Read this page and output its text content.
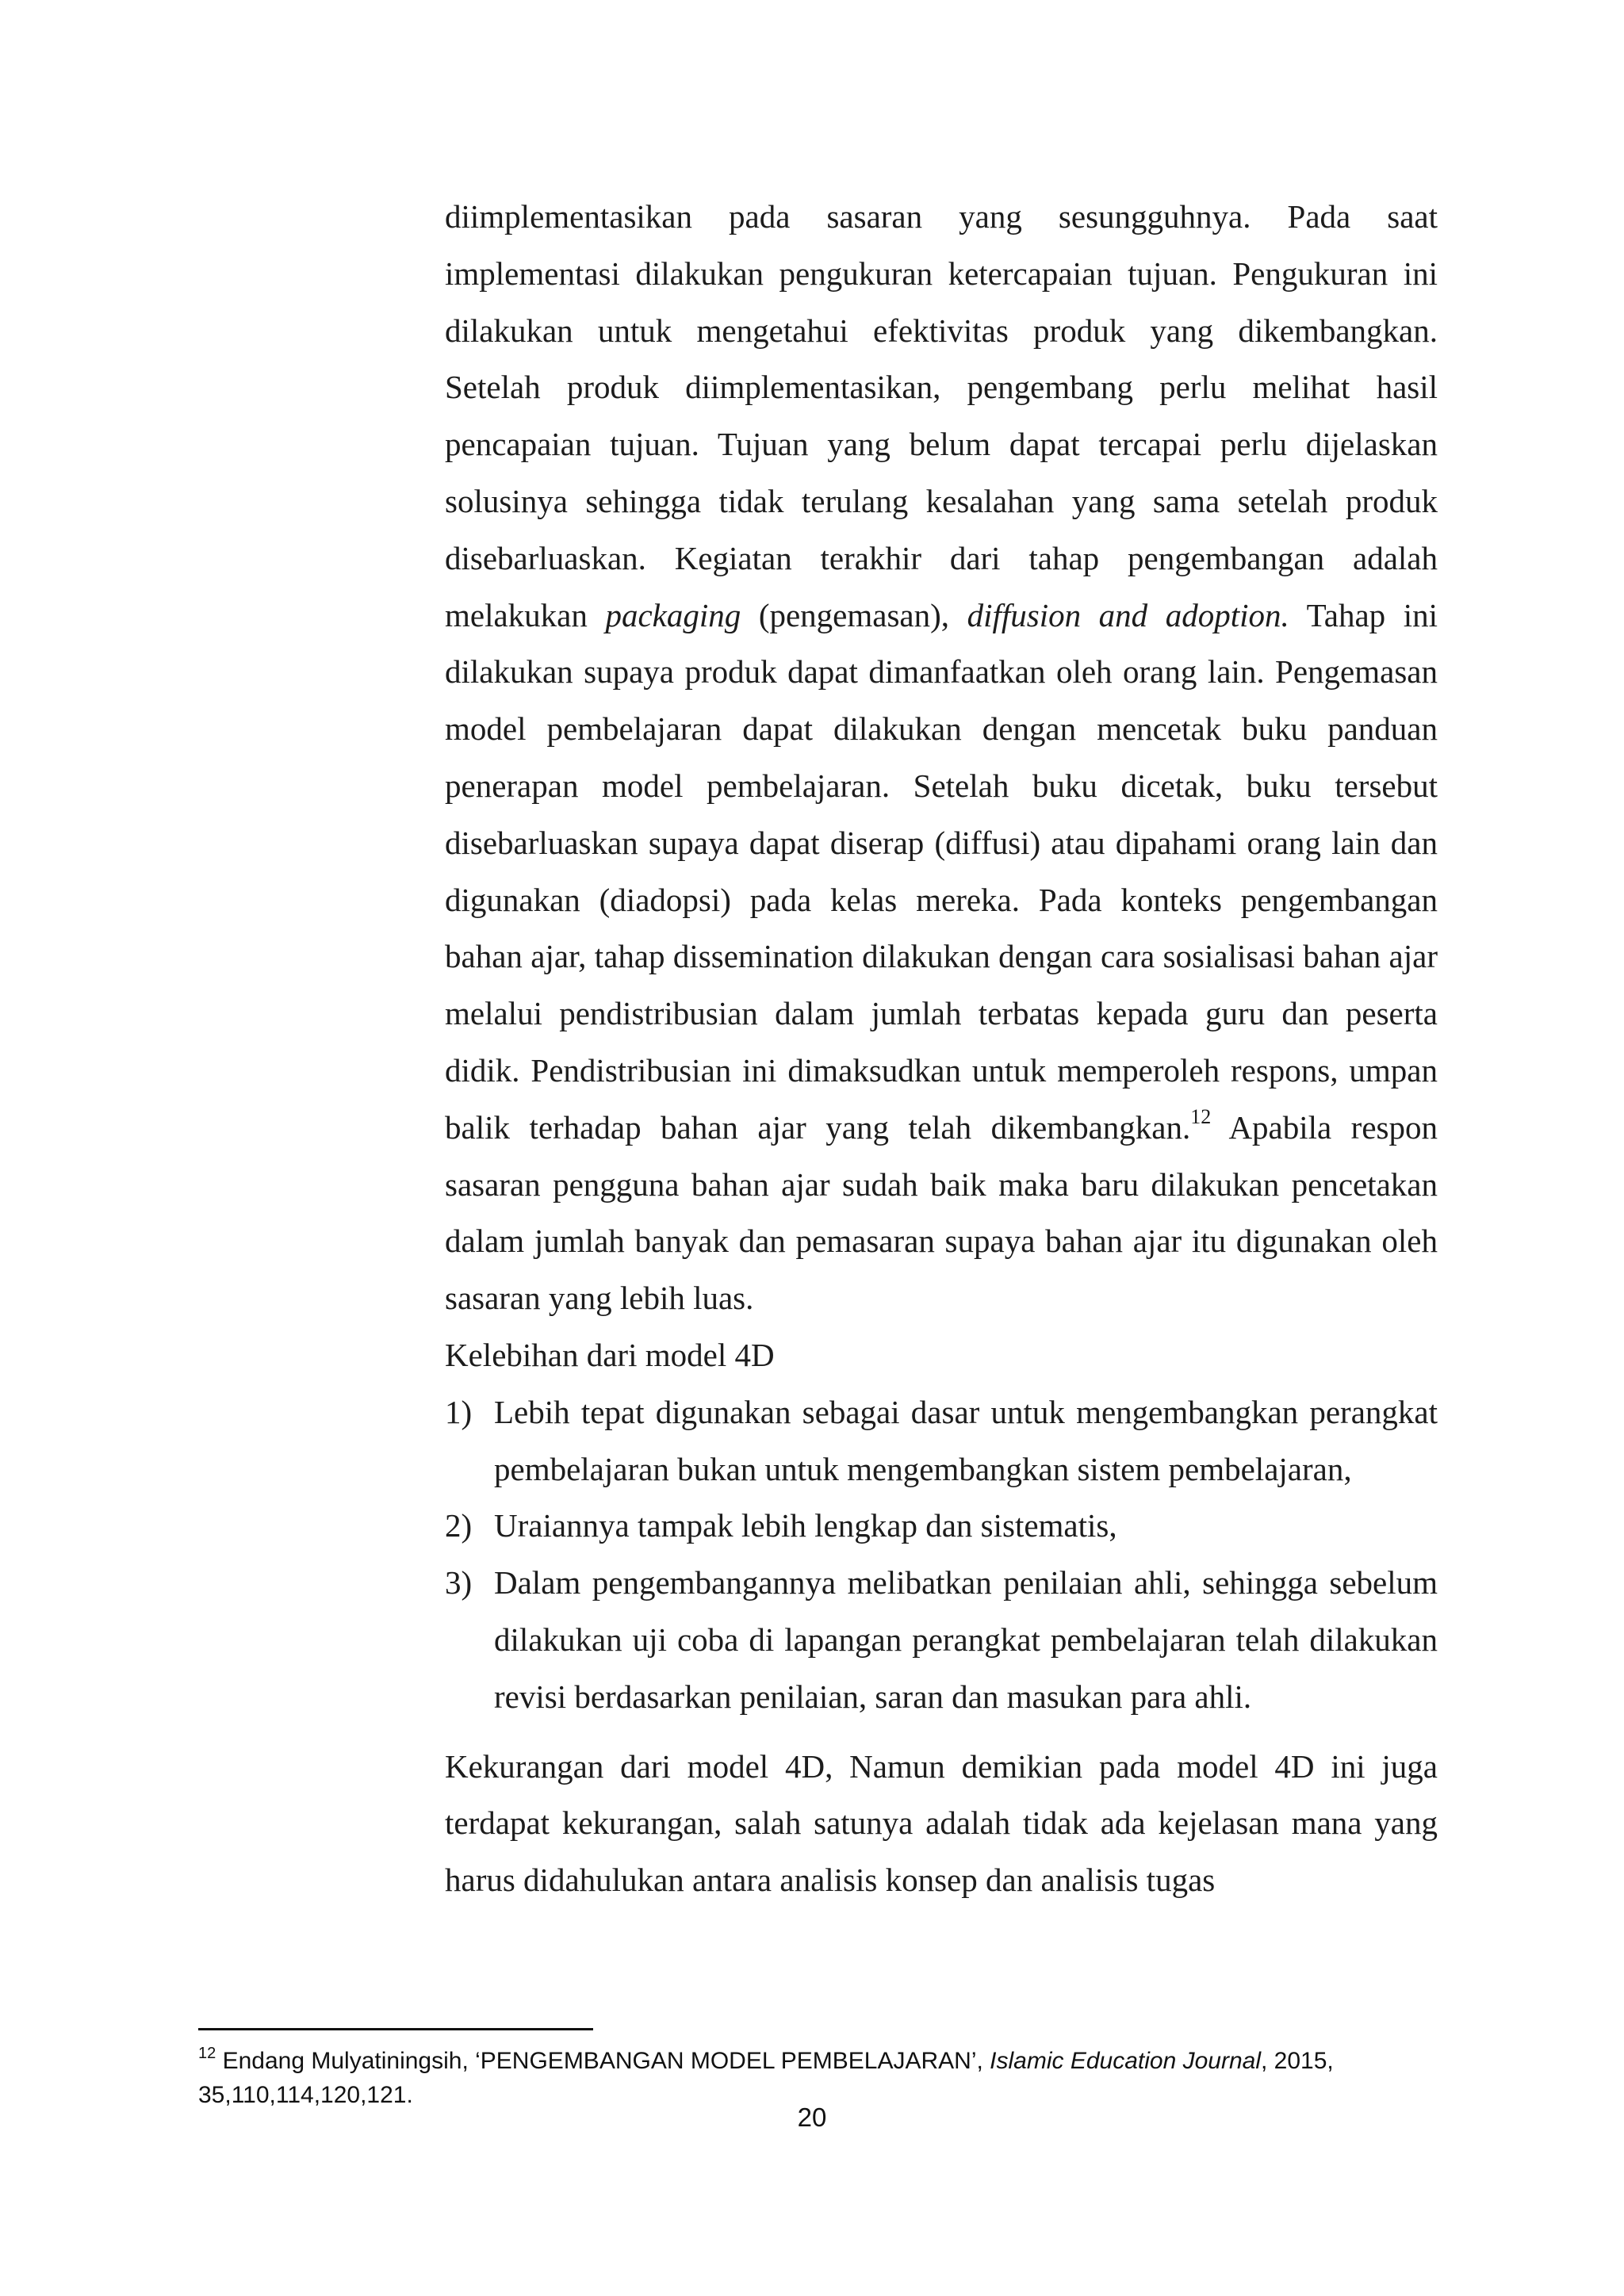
diimplementasikan pada sasaran yang sesungguhnya. Pada saat implementasi dilakukan pengukuran ketercapaian tujuan. Pengukuran ini dilakukan untuk mengetahui efektivitas produk yang dikembangkan. Setelah produk diimplementasikan, pengembang perlu melihat hasil pencapaian tujuan. Tujuan yang belum dapat tercapai perlu dijelaskan solusinya sehingga tidak terulang kesalahan yang sama setelah produk disebarluaskan. Kegiatan terakhir dari tahap pengembangan adalah melakukan packaging (pengemasan), diffusion and adoption. Tahap ini dilakukan supaya produk dapat dimanfaatkan oleh orang lain. Pengemasan model pembelajaran dapat dilakukan dengan mencetak buku panduan penerapan model pembelajaran. Setelah buku dicetak, buku tersebut disebarluaskan supaya dapat diserap (diffusi) atau dipahami orang lain dan digunakan (diadopsi) pada kelas mereka. Pada konteks pengembangan bahan ajar, tahap dissemination dilakukan dengan cara sosialisasi bahan ajar melalui pendistribusian dalam jumlah terbatas kepada guru dan peserta didik. Pendistribusian ini dimaksudkan untuk memperoleh respons, umpan balik terhadap bahan ajar yang telah dikembangkan.$^{12}$ Apabila respon sasaran pengguna bahan ajar sudah baik maka baru dilakukan pencetakan dalam jumlah banyak dan pemasaran supaya bahan ajar itu digunakan oleh sasaran yang lebih luas.

Kelebihan dari model 4D

1) Lebih tepat digunakan sebagai dasar untuk mengembangkan perangkat pembelajaran bukan untuk mengembangkan sistem pembelajaran,
2) Uraiannya tampak lebih lengkap dan sistematis,
3) Dalam pengembangannya melibatkan penilaian ahli, sehingga sebelum dilakukan uji coba di lapangan perangkat pembelajaran telah dilakukan revisi berdasarkan penilaian, saran dan masukan para ahli.

Kekurangan dari model 4D, Namun demikian pada model 4D ini juga terdapat kekurangan, salah satunya adalah tidak ada kejelasan mana yang harus didahulukan antara analisis konsep dan analisis tugas

$^{12}$ Endang Mulyatiningsih, ‘PENGEMBANGAN MODEL PEMBELAJARAN’, Islamic Education Journal, 2015, 35,110,114,120,121.
20
